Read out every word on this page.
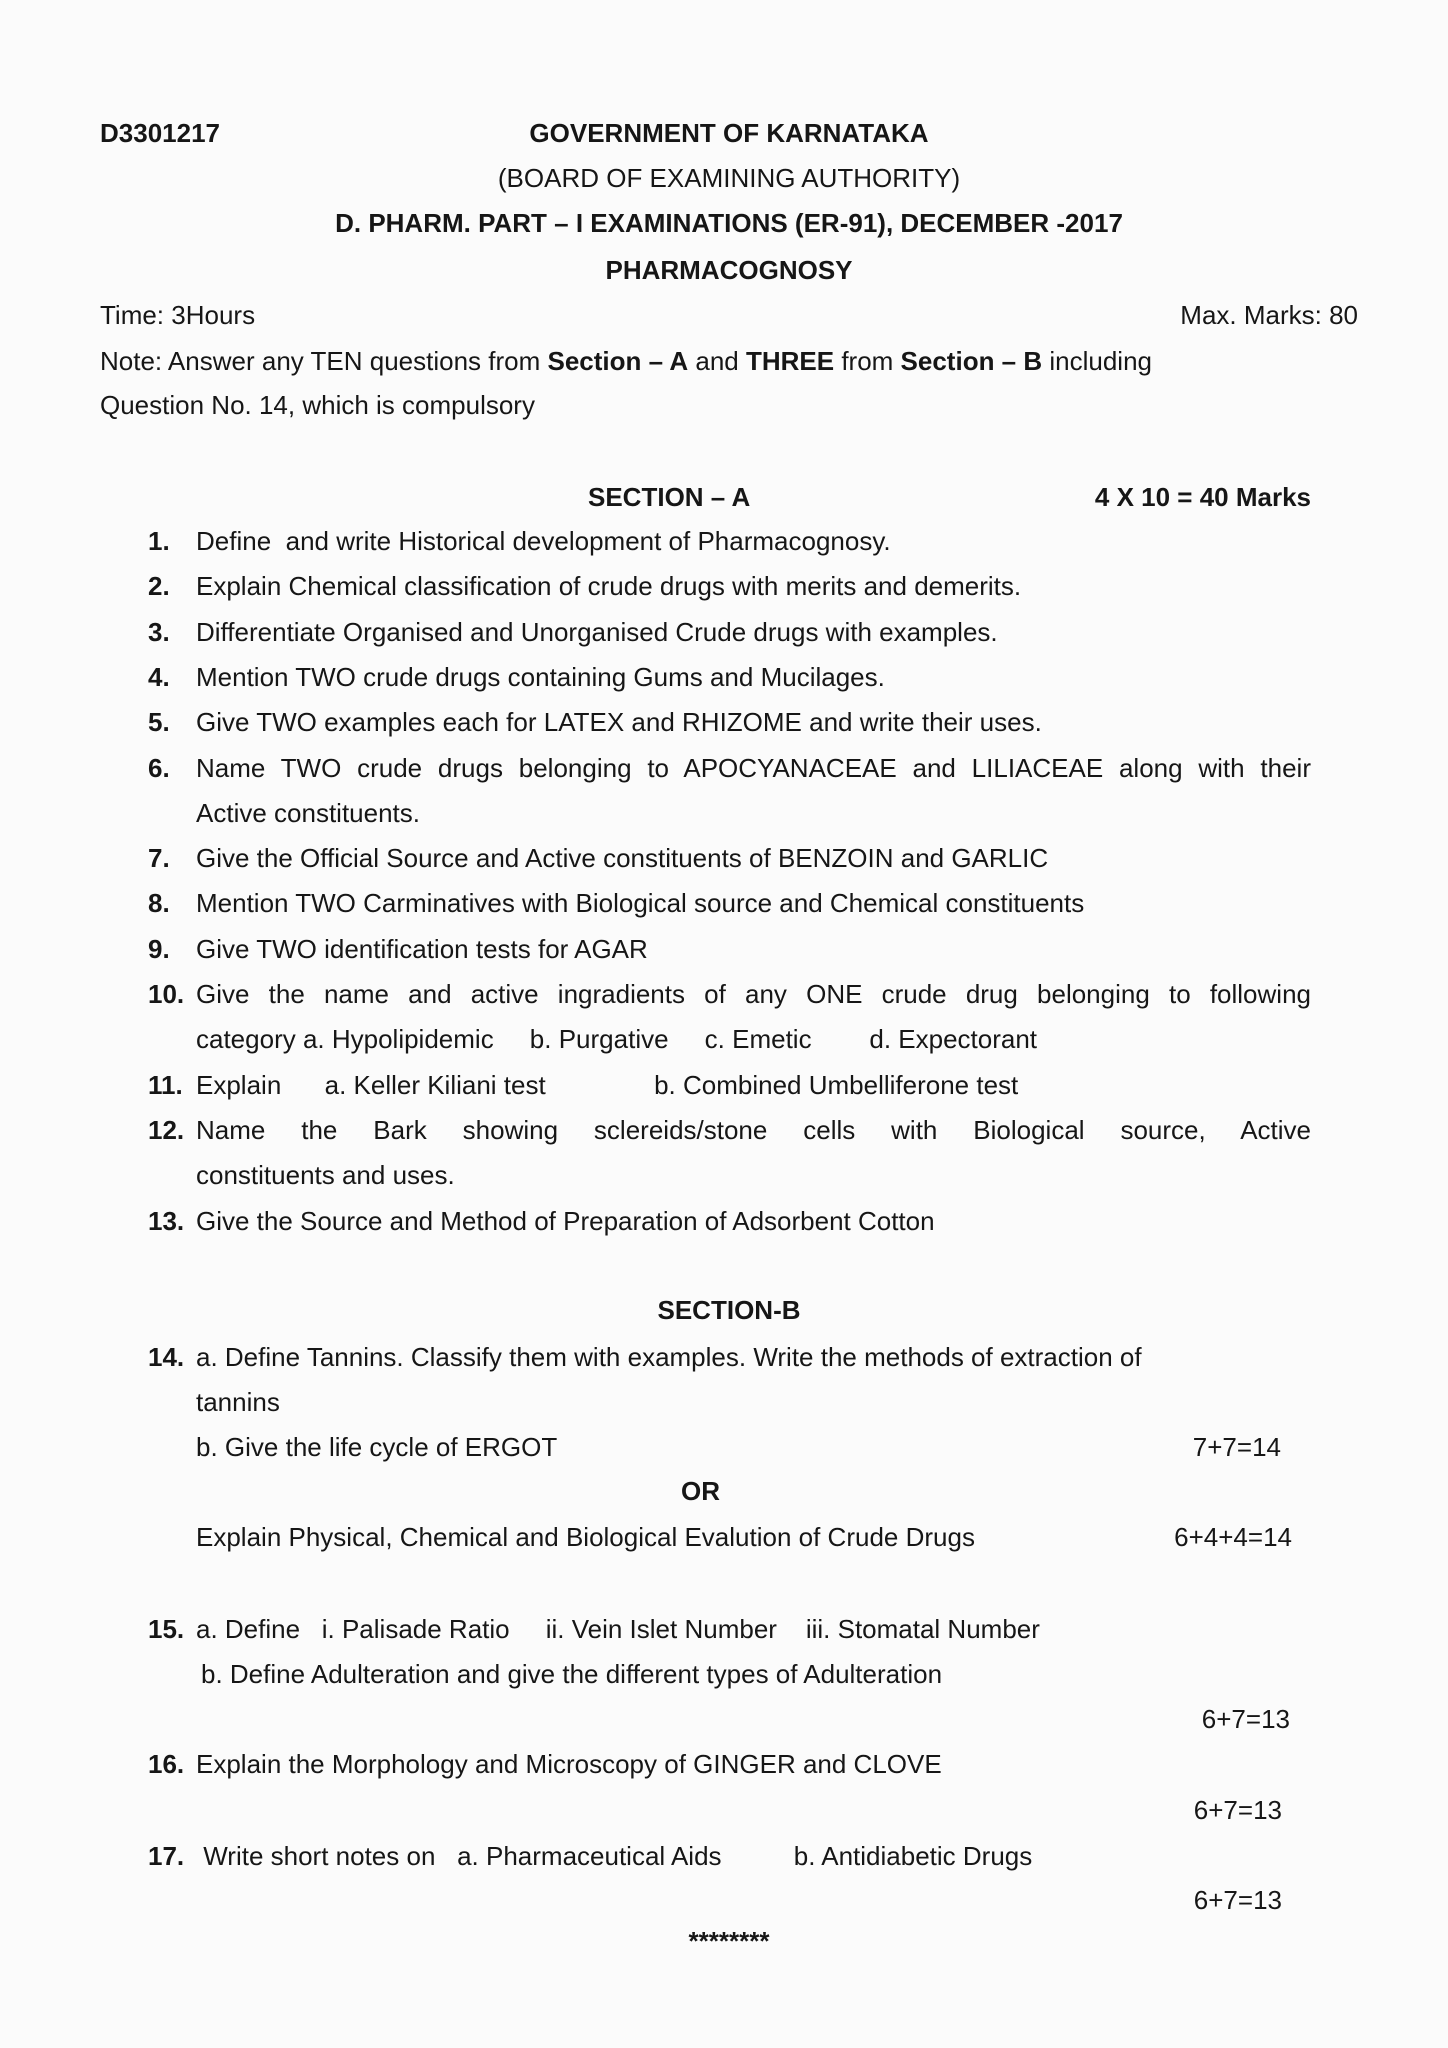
D3301217	GOVERNMENT OF KARNATAKA
(BOARD OF EXAMINING AUTHORITY)
D. PHARM. PART – I EXAMINATIONS (ER-91), DECEMBER -2017
PHARMACOGNOSY
Time: 3Hours	Max. Marks: 80
Note: Answer any TEN questions from Section – A and THREE from Section – B including
Question No. 14, which is compulsory
SECTION – A	4 X 10 = 40 Marks
1. Define  and write Historical development of Pharmacognosy.
2. Explain Chemical classification of crude drugs with merits and demerits.
3. Differentiate Organised and Unorganised Crude drugs with examples.
4. Mention TWO crude drugs containing Gums and Mucilages.
5. Give TWO examples each for LATEX and RHIZOME and write their uses.
6. Name TWO crude drugs belonging to APOCYANACEAE and LILIACEAE along with their
Active constituents.
7. Give the Official Source and Active constituents of BENZOIN and GARLIC
8. Mention TWO Carminatives with Biological source and Chemical constituents
9. Give TWO identification tests for AGAR
10. Give the name and active ingradients of any ONE crude drug belonging to following
category a. Hypolipidemic     b. Purgative     c. Emetic        d. Expectorant
11. Explain      a. Keller Kiliani test               b. Combined Umbelliferone test
12. Name the Bark showing sclereids/stone cells with Biological source, Active
constituents and uses.
13. Give the Source and Method of Preparation of Adsorbent Cotton
SECTION-B
14. a. Define Tannins. Classify them with examples. Write the methods of extraction of
tannins
b. Give the life cycle of ERGOT	7+7=14
OR
Explain Physical, Chemical and Biological Evalution of Crude Drugs	6+4+4=14
15. a. Define   i. Palisade Ratio     ii. Vein Islet Number    iii. Stomatal Number
b. Define Adulteration and give the different types of Adulteration
6+7=13
16. Explain the Morphology and Microscopy of GINGER and CLOVE
6+7=13
17. Write short notes on   a. Pharmaceutical Aids          b. Antidiabetic Drugs
6+7=13
********
